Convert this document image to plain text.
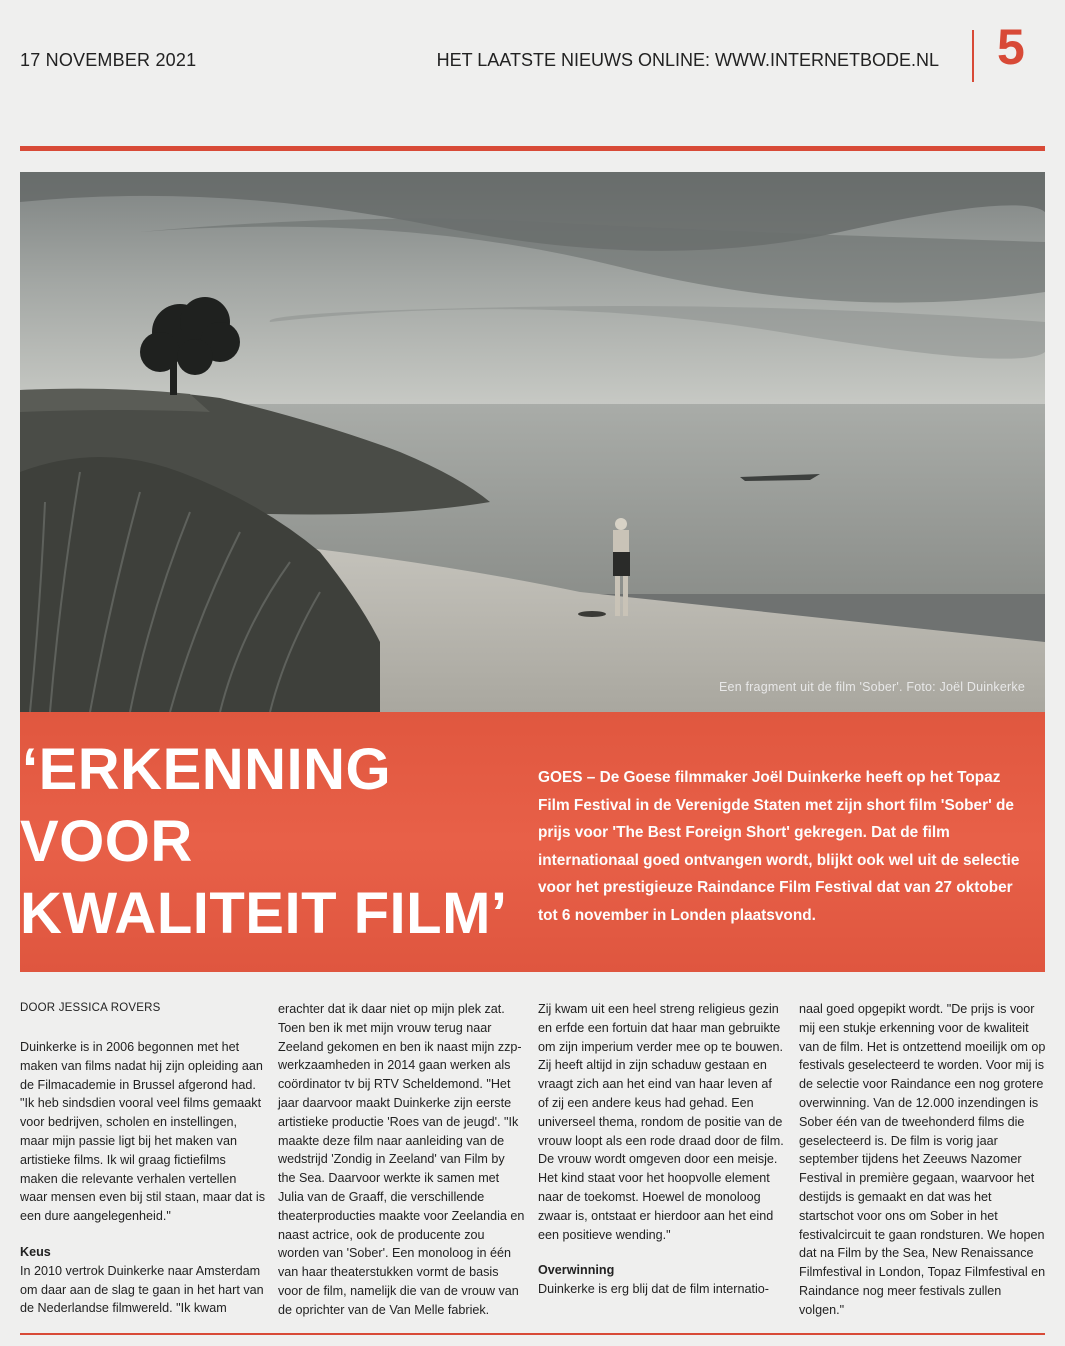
17 NOVEMBER 2021	HET LAATSTE NIEUWS ONLINE: WWW.INTERNETBODE.NL 5
Een fragment uit de film 'Sober'. Foto: Joël Duinkerke
‘ERKENNING
VOOR
KWALITEIT FILM’
GOES – De Goese filmmaker Joël Duinkerke heeft op het Topaz Film Festival in de Verenigde Staten met zijn short film 'Sober' de prijs voor 'The Best Foreign Short' gekregen. Dat de film internationaal goed ontvangen wordt, blijkt ook wel uit de selectie voor het prestigieuze Raindance Film Festival dat van 27 oktober tot 6 november in Londen plaatsvond.
DOOR JESSICA ROVERS

Duinkerke is in 2006 begonnen met het maken van films nadat hij zijn opleiding aan de Filmacademie in Brussel afgerond had. "Ik heb sindsdien vooral veel films gemaakt voor bedrijven, scholen en instellingen, maar mijn passie ligt bij het maken van artistieke films. Ik wil graag fictiefilms maken die relevante verhalen vertellen waar mensen even bij stil staan, maar dat is een dure aangelegenheid."

Keus

In 2010 vertrok Duinkerke naar Amsterdam om daar aan de slag te gaan in het hart van de Nederlandse filmwereld. "Ik kwam

erachter dat ik daar niet op mijn plek zat. Toen ben ik met mijn vrouw terug naar Zeeland gekomen en ben ik naast mijn zzp-werkzaamheden in 2014 gaan werken als coördinator tv bij RTV Scheldemond. "Het jaar daarvoor maakt Duinkerke zijn eerste artistieke productie 'Roes van de jeugd'. "Ik maakte deze film naar aanleiding van de wedstrijd 'Zondig in Zeeland' van Film by the Sea. Daarvoor werkte ik samen met Julia van de Graaff, die verschillende theaterproducties maakte voor Zeelandia en naast actrice, ook de producente zou worden van 'Sober'. Een monoloog in één van haar theaterstukken vormt de basis voor de film, namelijk die van de vrouw van de oprichter van de Van Melle fabriek.

Zij kwam uit een heel streng religieus gezin en erfde een fortuin dat haar man gebruikte om zijn imperium verder mee op te bouwen. Zij heeft altijd in zijn schaduw gestaan en vraagt zich aan het eind van haar leven af of zij een andere keus had gehad. Een universeel thema, rondom de positie van de vrouw loopt als een rode draad door de film. De vrouw wordt omgeven door een meisje. Het kind staat voor het hoopvolle element naar de toekomst. Hoewel de monoloog zwaar is, ontstaat er hierdoor aan het eind een positieve wending."

Overwinning

Duinkerke is erg blij dat de film internatio-

naal goed opgepikt wordt. "De prijs is voor mij een stukje erkenning voor de kwaliteit van de film. Het is ontzettend moeilijk om op festivals geselecteerd te worden. Voor mij is de selectie voor Raindance een nog grotere overwinning. Van de 12.000 inzendingen is Sober één van de tweehonderd films die geselecteerd is. De film is vorig jaar september tijdens het Zeeuws Nazomer Festival in première gegaan, waarvoor het destijds is gemaakt en dat was het startschot voor ons om Sober in het festivalcircuit te gaan rondsturen. We hopen dat na Film by the Sea, New Renaissance Filmfestival in London, Topaz Filmfestival en Raindance nog meer festivals zullen volgen."
